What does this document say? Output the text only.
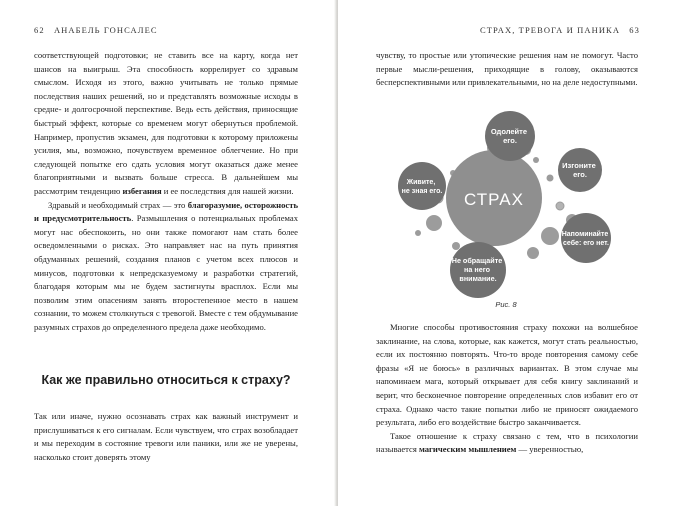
62 АНАБЕЛЬ ГОНСАЛЕС

соответствующей подготовки; не ставить все на карту, когда нет шансов на выигрыш. Эта способность коррелирует со здравым смыслом. Исходя из этого, важно учитывать не только прямые последствия наших решений, но и представлять возможные исходы в средне- и долгосрочной перспективе. Ведь есть действия, приносящие быстрый эффект, которые со временем могут обернуться проблемой. Например, пропустив экзамен, для подготовки к которому приложены усилия, мы, возможно, почувствуем временное облегчение. Но при следующей попытке его сдать условия могут оказаться даже менее благоприятными и вызвать больше стресса. В дальнейшем мы рассмотрим тенденцию избегания и ее последствия для нашей жизни.

Здравый и необходимый страх — это благоразумие, осторожность и предусмотрительность. Размышления о потенциальных проблемах могут нас обеспокоить, но они также помогают нам стать более осведомленными о рисках. Это направляет нас на путь принятия обдуманных решений, создания планов с учетом всех плюсов и минусов, подготовки к непредсказуемому и разработки стратегий, благодаря которым мы не будем застигнуты врасплох. Если мы позволим этим опасениям занять второстепенное место в нашем сознании, то можем столкнуться с тревогой. Вместе с тем обдумывание разумных страхов до определенного предела даже необходимо.

Как же правильно относиться к страху?

Так или иначе, нужно осознавать страх как важный инструмент и прислушиваться к его сигналам. Если чувствуем, что страх возобладает и мы переходим в состояние тревоги или паники, или же не уверены, насколько стоит доверять этому

СТРАХ, ТРЕВОГА И ПАНИКА 63

чувству, то простые или утопические решения нам не помогут. Часто первые мысли-решения, приходящие в голову, оказываются бесперспективными или привлекательными, но на деле недоступными.

СТРАХ
Одолейте его.
Изгоните его.
Живите, не зная его.
Напоминайте себе: его нет.
Не обращайте на него внимание.
Рис. 8

Многие способы противостояния страху похожи на волшебное заклинание, на слова, которые, как кажется, могут стать реальностью, если их постоянно повторять. Что-то вроде повторения самому себе фразы «Я не боюсь» в различных вариантах. В этом случае мы напоминаем мага, который открывает для себя книгу заклинаний и верит, что бесконечное повторение определенных слов избавит его от страха. Однако часто такие попытки либо не приносят ожидаемого результата, либо его воздействие быстро заканчивается.

Такое отношение к страху связано с тем, что в психологии называется магическим мышлением — уверенностью,
